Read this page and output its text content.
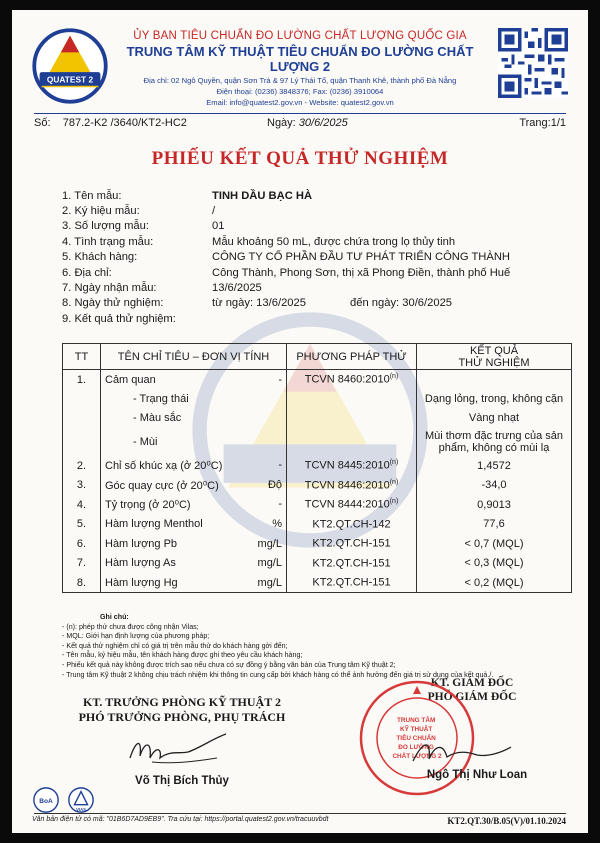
QUATEST 2
ỦY BAN TIÊU CHUẨN ĐO LƯỜNG CHẤT LƯỢNG QUỐC GIA
TRUNG TÂM KỸ THUẬT TIÊU CHUẨN ĐO LƯỜNG CHẤT LƯỢNG 2
Địa chỉ: 02 Ngô Quyền, quận Sơn Trà & 97 Lý Thái Tổ, quận Thanh Khê, thành phố Đà Nẵng
Điện thoại: (0236) 3848376; Fax: (0236) 3910064
Email: info@quatest2.gov.vn - Website: quatest2.gov.vn
Số: 787.2-K2 /3640/KT2-HC2	Ngày: 30/6/2025	Trang:1/1
PHIẾU KẾT QUẢ THỬ NGHIỆM
1. Tên mẫu:	TINH DẦU BẠC HÀ
2. Ký hiệu mẫu:	/
3. Số lượng mẫu:	01
4. Tình trạng mẫu:	Mẫu khoảng 50 mL, được chứa trong lọ thủy tinh
5. Khách hàng:	CÔNG TY CỔ PHẦN ĐẦU TƯ PHÁT TRIỂN CÔNG THÀNH
6. Địa chỉ:	Công Thành, Phong Sơn, thị xã Phong Điền, thành phố Huế
7. Ngày nhận mẫu:	13/6/2025
8. Ngày thử nghiệm:	từ ngày: 13/6/2025	đến ngày: 30/6/2025
9. Kết quả thử nghiệm:
TT	TÊN CHỈ TIÊU – ĐƠN VỊ TÍNH	PHƯƠNG PHÁP THỬ	KẾT QUẢ
THỬ NGHIỆM
1.	Cảm quan -	TCVN 8460:2010$^{(n)}$	

	- Trạng thái		Dạng lỏng, trong, không cặn

	- Màu sắc		Vàng nhạt

	- Mùi		Mùi thơm đặc trưng của sản phẩm, không có mùi lạ
2.	Chỉ số khúc xạ (ở 20⁰C) -	TCVN 8445:2010$^{(n)}$	1,4572
3.	Góc quay cực (ở 20⁰C) Độ	TCVN 8446:2010$^{(n)}$	-34,0
4.	Tỷ trọng (ở 20⁰C) -	TCVN 8444:2010$^{(n)}$	0,9013
5.	Hàm lượng Menthol %	KT2.QT.CH-142	77,6
6.	Hàm lượng Pb mg/L	KT2.QT.CH-151	< 0,7 (MQL)
7.	Hàm lượng As mg/L	KT2.QT.CH-151	< 0,3 (MQL)
8.	Hàm lượng Hg mg/L	KT2.QT.CH-151	< 0,2 (MQL)
Ghi chú:
- (n): phép thử chưa được công nhận Vilas;
- MQL: Giới hạn định lượng của phương pháp;
- Kết quả thử nghiệm chỉ có giá trị trên mẫu thử do khách hàng gởi đến;
- Tên mẫu, ký hiệu mẫu, tên khách hàng được ghi theo yêu cầu khách hàng;
- Phiếu kết quả này không được trích sao nếu chưa có sự đồng ý bằng văn bản của Trung tâm Kỹ thuật 2;
- Trung tâm Kỹ thuật 2 không chịu trách nhiệm khi thông tin cung cấp bởi khách hàng có thể ảnh hưởng đến giá trị sử dụng của kết quả./.
KT. TRƯỞNG PHÒNG KỸ THUẬT 2
PHÓ TRƯỞNG PHÒNG, PHỤ TRÁCH
Võ Thị Bích Thủy
KT. GIÁM ĐỐC
PHÓ GIÁM ĐỐC
TRUNG TÂM KỸ THUẬT TIÊU CHUẨN ĐO LƯỜNG CHẤT LƯỢNG 2
Ngô Thị Như Loan
BoA
VIAS
Văn bản điện tử có mã: "01B6D7AD9EB9". Tra cứu tại: https://portal.quatest2.gov.vn/tracuuvbdt	KT2.QT.30/B.05(V)/01.10.2024
